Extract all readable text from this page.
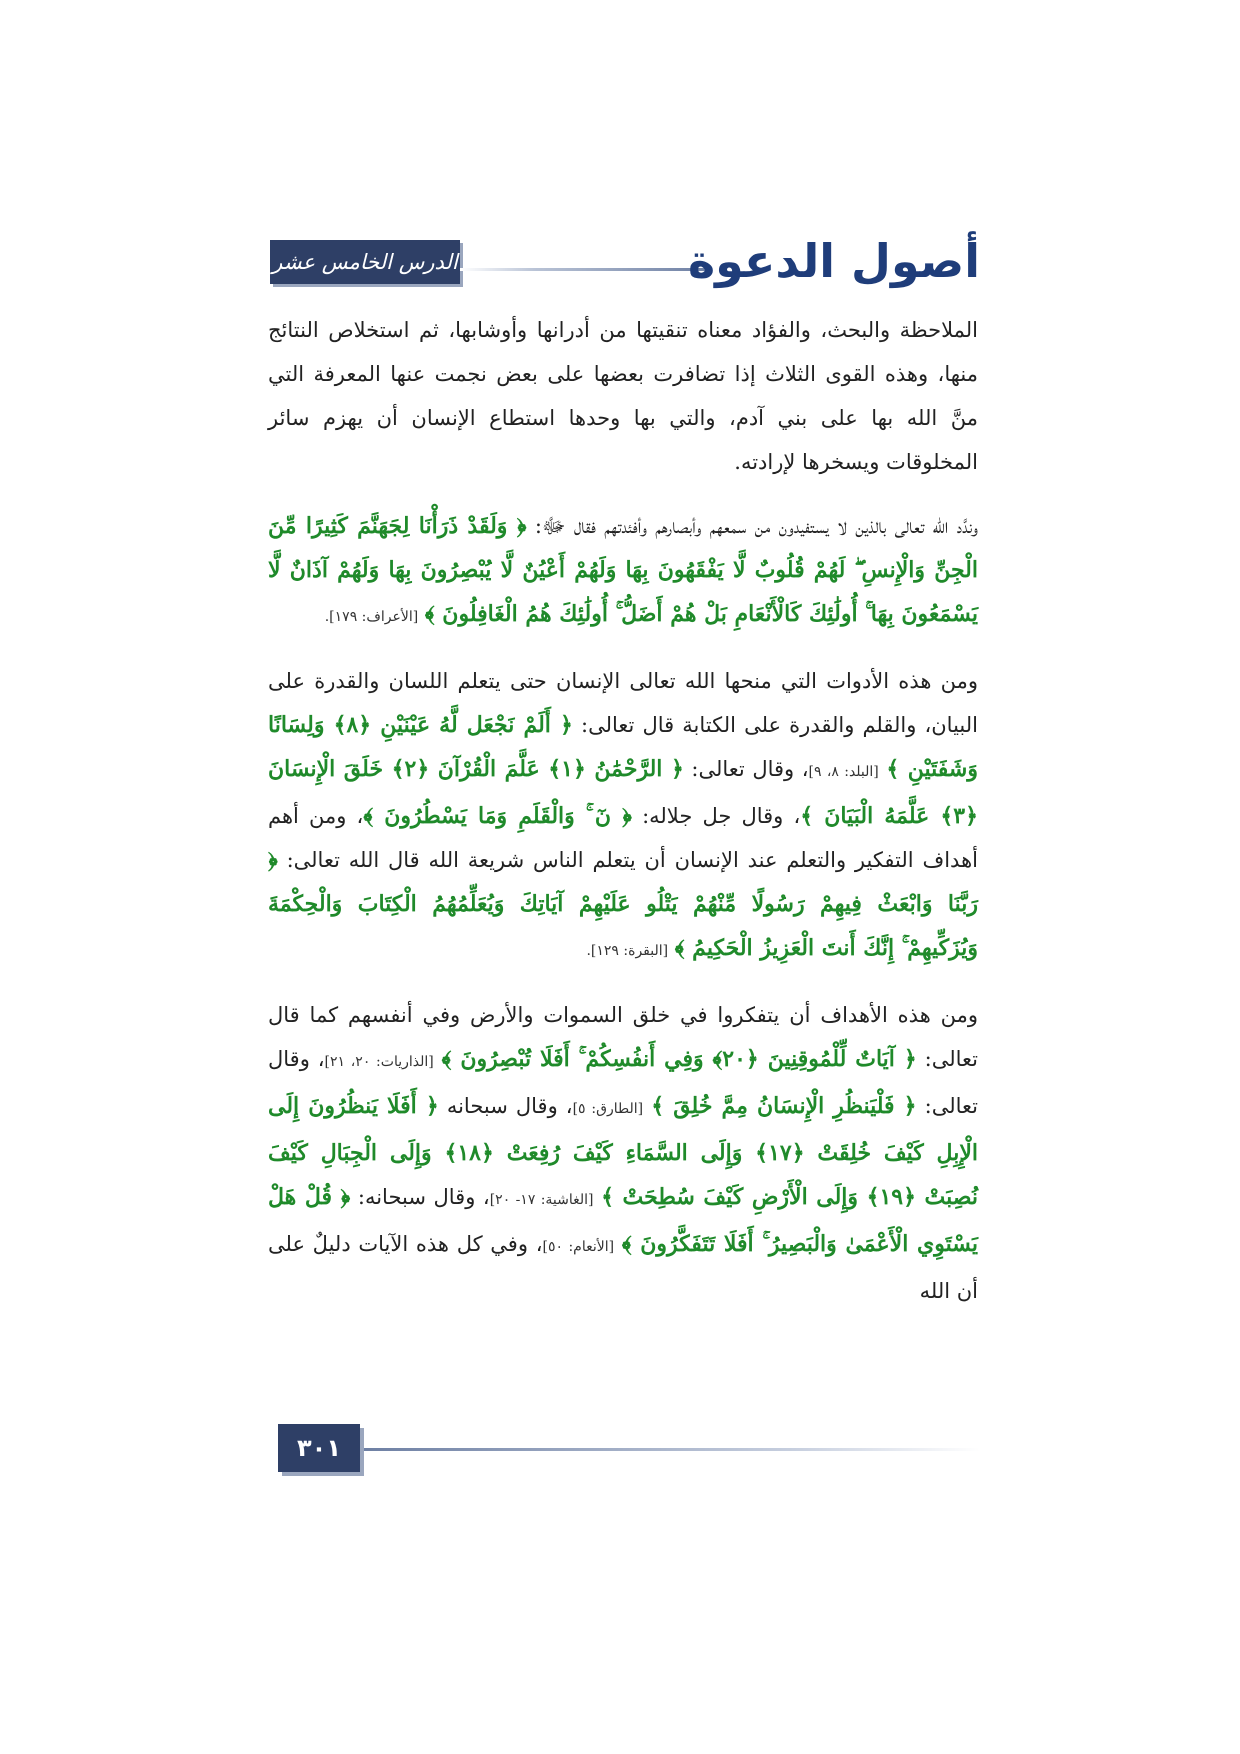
الدرس الخامس عشر	أصول الدعوة

الملاحظة والبحث، والفؤاد معناه تنقيتها من أدرانها وأوشابها، ثم استخلاص النتائج منها، وهذه القوى الثلاث إذا تضافرت بعضها على بعض نجمت عنها المعرفة التي منَّ الله بها على بني آدم، والتي بها وحدها استطاع الإنسان أن يهزم سائر المخلوقات ويسخرها لإرادته.

وندَّد الله تعالى بالذين لا يستفيدون من سمعهم وأبصارهم وأفئدتهم فقال ﷻ: ﴿ وَلَقَدْ ذَرَأْنَا لِجَهَنَّمَ كَثِيرًا مِّنَ الْجِنِّ وَالْإِنسِ ۖ لَهُمْ قُلُوبٌ لَّا يَفْقَهُونَ بِهَا وَلَهُمْ أَعْيُنٌ لَّا يُبْصِرُونَ بِهَا وَلَهُمْ آذَانٌ لَّا يَسْمَعُونَ بِهَا ۚ أُولَٰئِكَ كَالْأَنْعَامِ بَلْ هُمْ أَضَلُّ ۚ أُولَٰئِكَ هُمُ الْغَافِلُونَ ﴾ [الأعراف: ١٧٩].

ومن هذه الأدوات التي منحها الله تعالى الإنسان حتى يتعلم اللسان والقدرة على البيان، والقلم والقدرة على الكتابة قال تعالى: ﴿ أَلَمْ نَجْعَل لَّهُ عَيْنَيْنِ ﴿٨﴾ وَلِسَانًا وَشَفَتَيْنِ ﴾ [البلد: ٨، ٩]، وقال تعالى: ﴿ الرَّحْمَٰنُ ﴿١﴾ عَلَّمَ الْقُرْآنَ ﴿٢﴾ خَلَقَ الْإِنسَانَ ﴿٣﴾ عَلَّمَهُ الْبَيَانَ ﴾، وقال جل جلاله: ﴿ نٓ ۚ وَالْقَلَمِ وَمَا يَسْطُرُونَ ﴾، ومن أهم أهداف التفكير والتعلم عند الإنسان أن يتعلم الناس شريعة الله قال الله تعالى: ﴿ رَبَّنَا وَابْعَثْ فِيهِمْ رَسُولًا مِّنْهُمْ يَتْلُو عَلَيْهِمْ آيَاتِكَ وَيُعَلِّمُهُمُ الْكِتَابَ وَالْحِكْمَةَ وَيُزَكِّيهِمْ ۚ إِنَّكَ أَنتَ الْعَزِيزُ الْحَكِيمُ ﴾ [البقرة: ١٢٩].

ومن هذه الأهداف أن يتفكروا في خلق السموات والأرض وفي أنفسهم كما قال تعالى: ﴿ آيَاتٌ لِّلْمُوقِنِينَ ﴿٢٠﴾ وَفِي أَنفُسِكُمْ ۚ أَفَلَا تُبْصِرُونَ ﴾ [الذاريات: ٢٠، ٢١]، وقال تعالى: ﴿ فَلْيَنظُرِ الْإِنسَانُ مِمَّ خُلِقَ ﴾ [الطارق: ٥]، وقال سبحانه ﴿ أَفَلَا يَنظُرُونَ إِلَى الْإِبِلِ كَيْفَ خُلِقَتْ ﴿١٧﴾ وَإِلَى السَّمَاءِ كَيْفَ رُفِعَتْ ﴿١٨﴾ وَإِلَى الْجِبَالِ كَيْفَ نُصِبَتْ ﴿١٩﴾ وَإِلَى الْأَرْضِ كَيْفَ سُطِحَتْ ﴾ [الغاشية: ١٧- ٢٠]، وقال سبحانه: ﴿ قُلْ هَلْ يَسْتَوِي الْأَعْمَىٰ وَالْبَصِيرُ ۚ أَفَلَا تَتَفَكَّرُونَ ﴾ [الأنعام: ٥٠]، وفي كل هذه الآيات دليلٌ على أن الله

٣٠١
